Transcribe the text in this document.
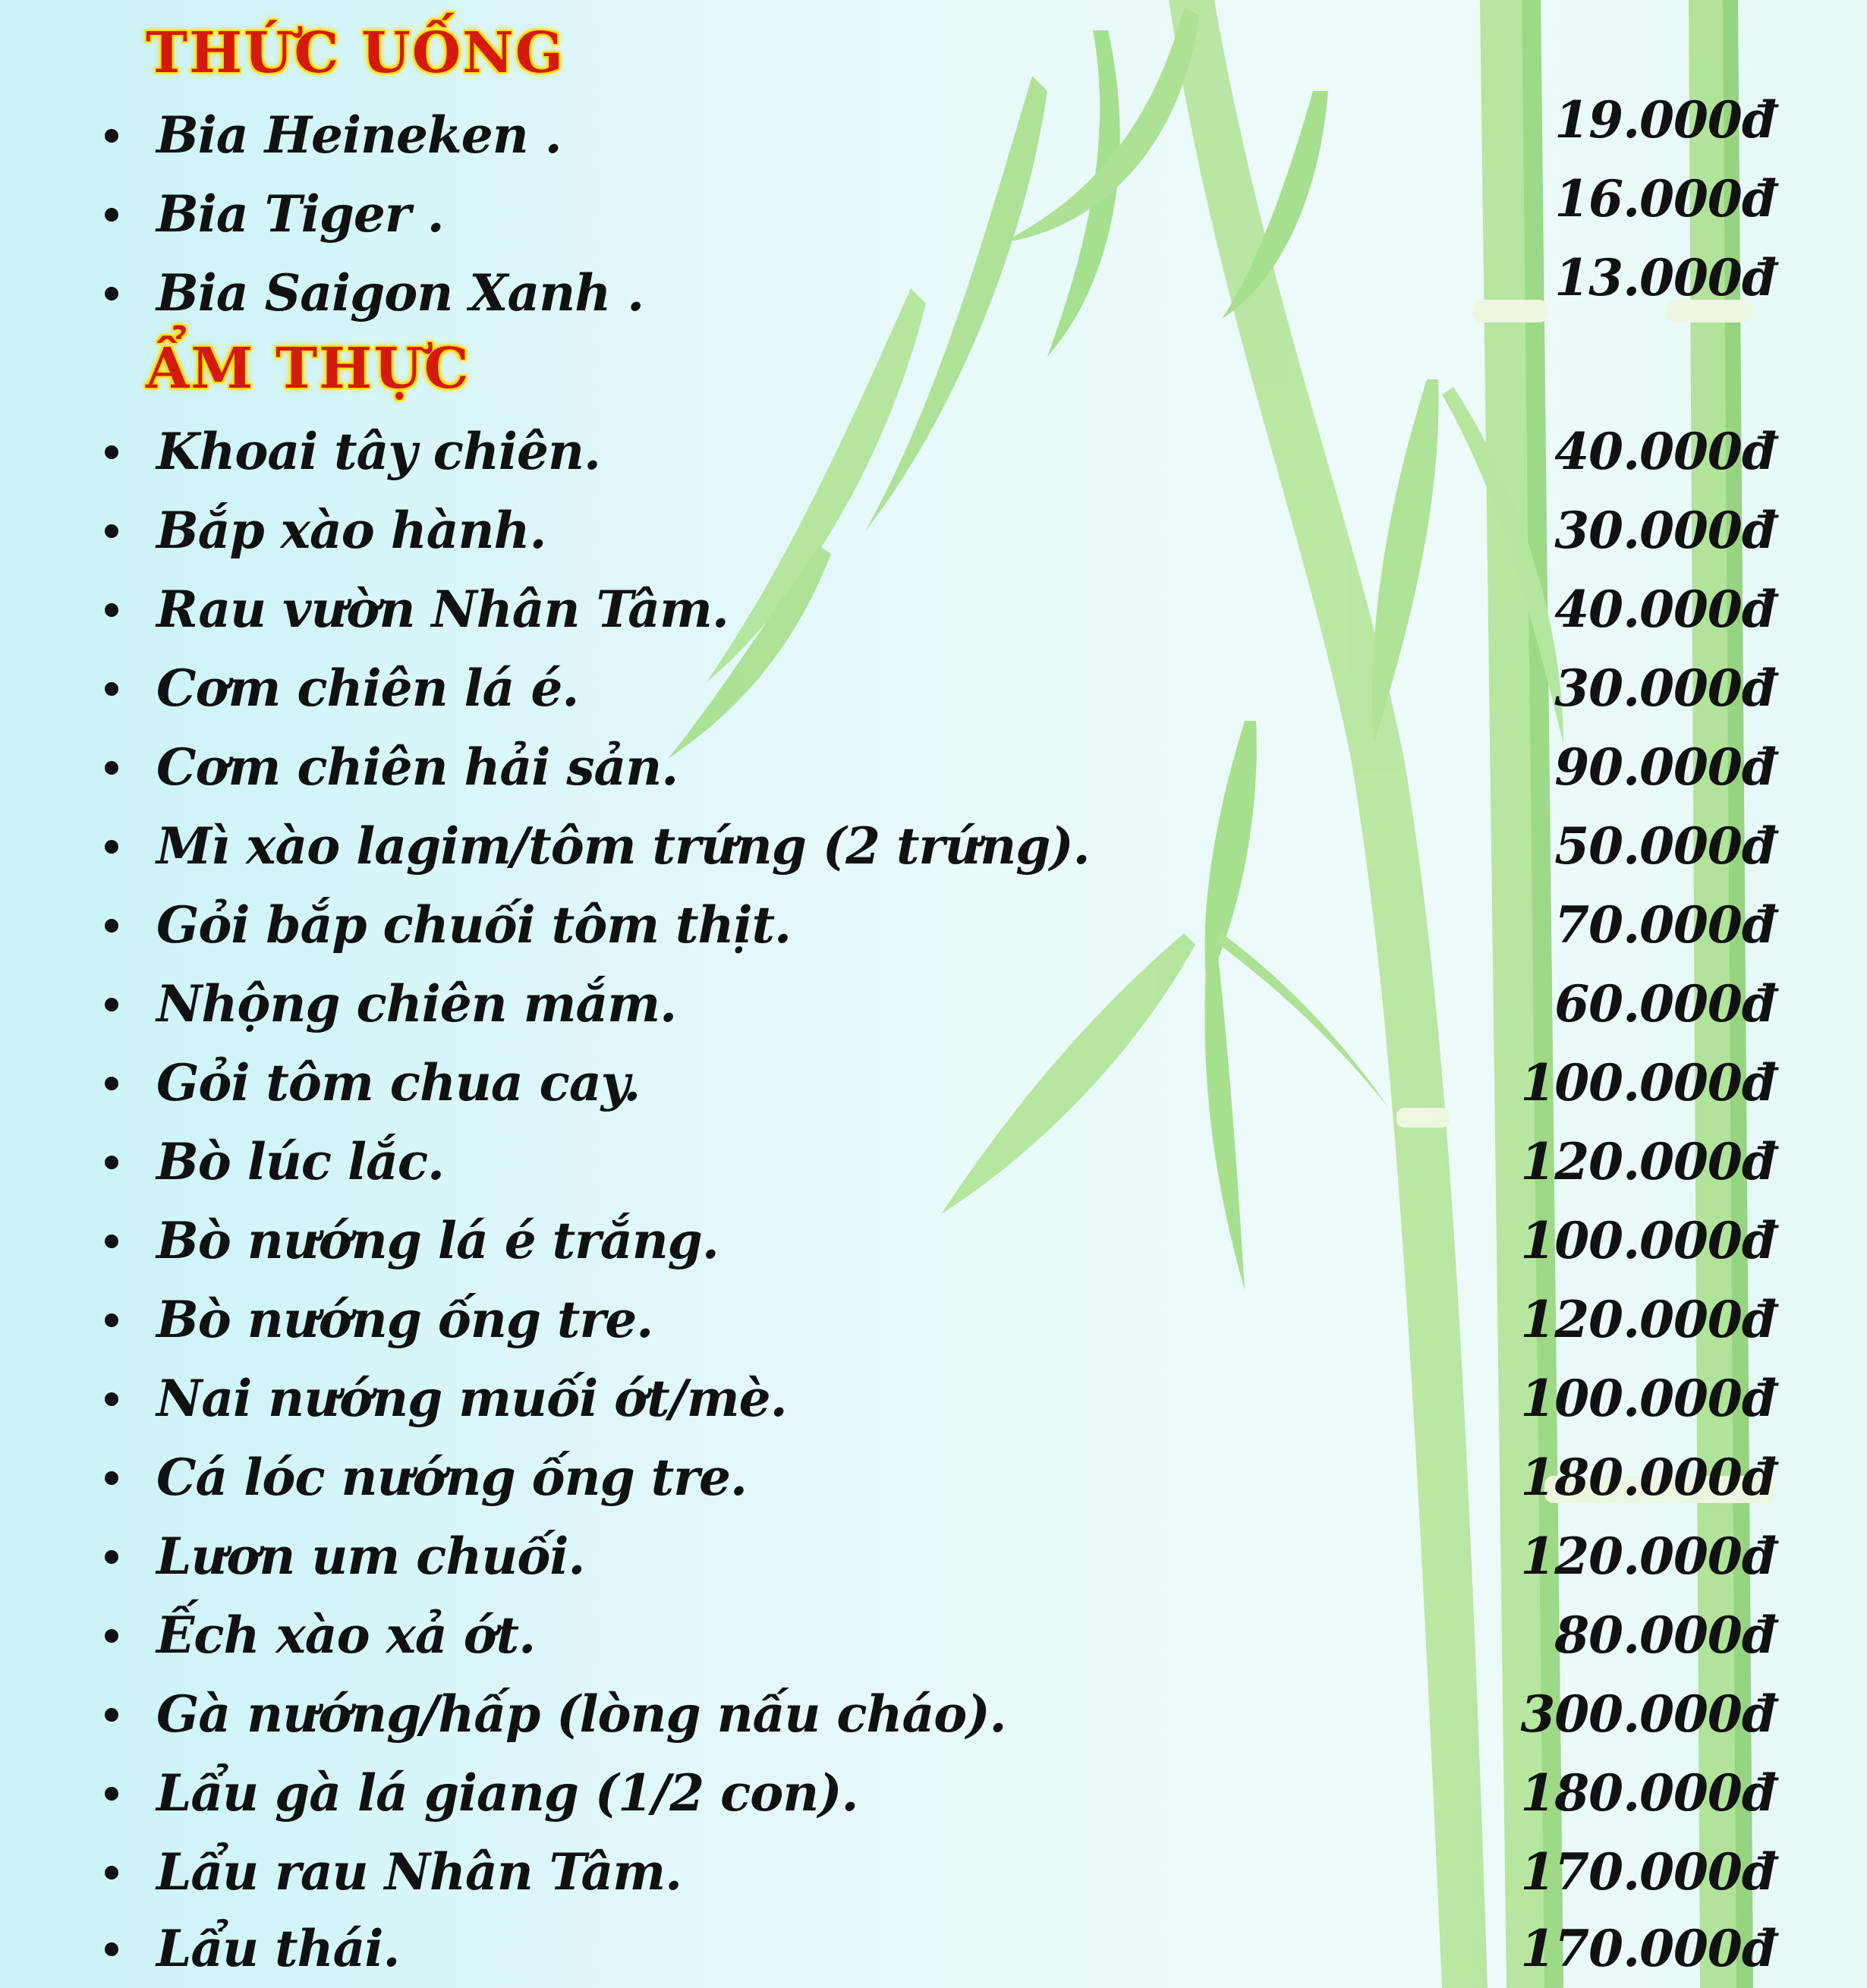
THỨC UỐNG
Bia Heineken .	19.000đ
Bia Tiger .	16.000đ
Bia Saigon Xanh .	13.000đ
ẨM THỰC
Khoai tây chiên.	40.000đ
Bắp xào hành.	30.000đ
Rau vườn Nhân Tâm.	40.000đ
Cơm chiên lá é.	30.000đ
Cơm chiên hải sản.	90.000đ
Mì xào lagim/tôm trứng (2 trứng).	50.000đ
Gỏi bắp chuối tôm thịt.	70.000đ
Nhộng chiên mắm.	60.000đ
Gỏi tôm chua cay.	100.000đ
Bò lúc lắc.	120.000đ
Bò nướng lá é trắng.	100.000đ
Bò nướng ống tre.	120.000đ
Nai nướng muối ớt/mè.	100.000đ
Cá lóc nướng ống tre.	180.000đ
Lươn um chuối.	120.000đ
Ếch xào xả ớt.	80.000đ
Gà nướng/hấp (lòng nấu cháo).	300.000đ
Lẩu gà lá giang (1/2 con).	180.000đ
Lẩu rau Nhân Tâm.	170.000đ
Lẩu thái.	170.000đ
